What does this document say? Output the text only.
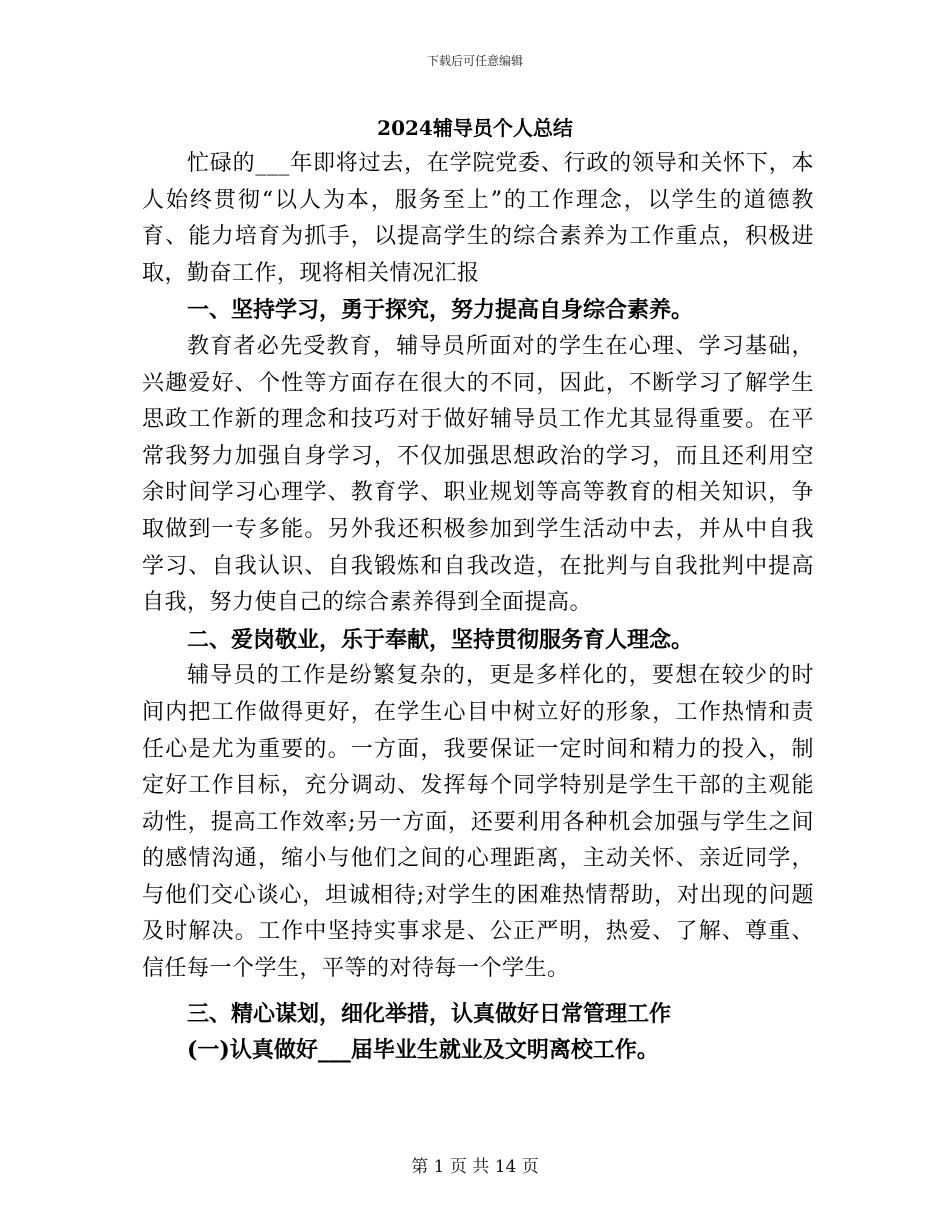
下载后可任意编辑
2024辅导员个人总结

忙碌的___年即将过去，在学院党委、行政的领导和关怀下，本人始终贯彻“以人为本，服务至上”的工作理念，以学生的道德教育、能力培育为抓手，以提高学生的综合素养为工作重点，积极进取，勤奋工作，现将相关情况汇报

一、坚持学习，勇于探究，努力提高自身综合素养。

教育者必先受教育，辅导员所面对的学生在心理、学习基础，兴趣爱好、个性等方面存在很大的不同，因此，不断学习了解学生思政工作新的理念和技巧对于做好辅导员工作尤其显得重要。在平常我努力加强自身学习，不仅加强思想政治的学习，而且还利用空余时间学习心理学、教育学、职业规划等高等教育的相关知识，争取做到一专多能。另外我还积极参加到学生活动中去，并从中自我学习、自我认识、自我锻炼和自我改造，在批判与自我批判中提高自我，努力使自己的综合素养得到全面提高。

二、爱岗敬业，乐于奉献，坚持贯彻服务育人理念。

辅导员的工作是纷繁复杂的，更是多样化的，要想在较少的时间内把工作做得更好，在学生心目中树立好的形象，工作热情和责任心是尤为重要的。一方面，我要保证一定时间和精力的投入，制定好工作目标，充分调动、发挥每个同学特别是学生干部的主观能动性，提高工作效率;另一方面，还要利用各种机会加强与学生之间的感情沟通，缩小与他们之间的心理距离，主动关怀、亲近同学，与他们交心谈心，坦诚相待;对学生的困难热情帮助，对出现的问题及时解决。工作中坚持实事求是、公正严明，热爱、了解、尊重、信任每一个学生，平等的对待每一个学生。

三、精心谋划，细化举措，认真做好日常管理工作

(一)认真做好___届毕业生就业及文明离校工作。

第 1 页 共 14 页
